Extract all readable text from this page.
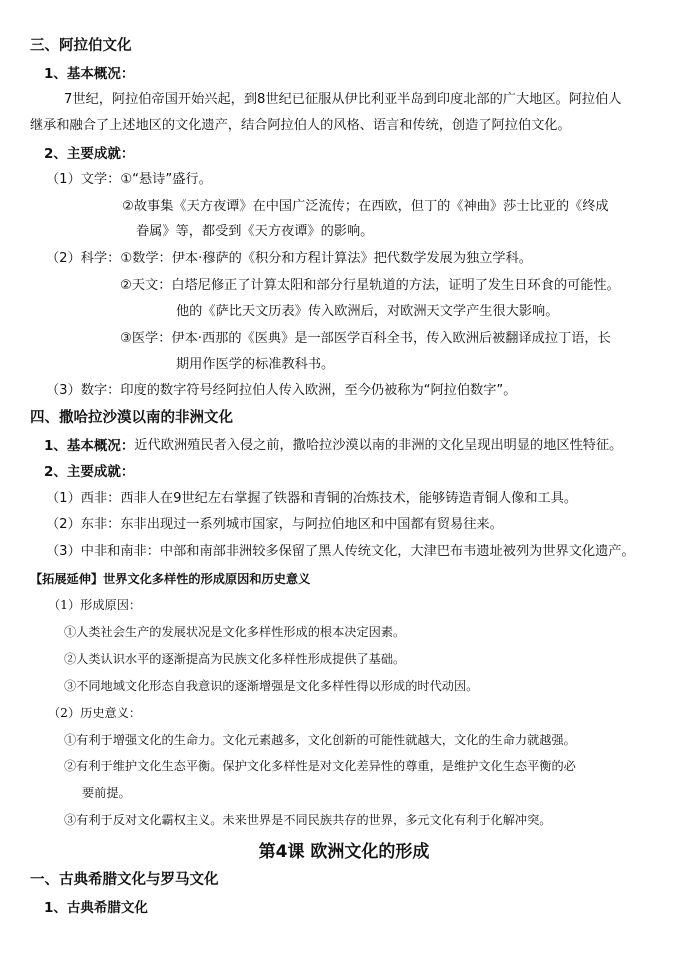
三、阿拉伯文化
1、基本概况：
7世纪，阿拉伯帝国开始兴起，到8世纪已征服从伊比利亚半岛到印度北部的广大地区。阿拉伯人
继承和融合了上述地区的文化遗产，结合阿拉伯人的风格、语言和传统，创造了阿拉伯文化。
2、主要成就：
（1）文学：①“悬诗”盛行。
②故事集《天方夜谭》在中国广泛流传；在西欧，但丁的《神曲》莎士比亚的《终成
眷属》等，都受到《天方夜谭》的影响。
（2）科学：①数学：伊本·穆萨的《积分和方程计算法》把代数学发展为独立学科。
②天文：白塔尼修正了计算太阳和部分行星轨道的方法，证明了发生日环食的可能性。
他的《萨比天文历表》传入欧洲后，对欧洲天文学产生很大影响。
③医学：伊本·西那的《医典》是一部医学百科全书，传入欧洲后被翻译成拉丁语，长
期用作医学的标准教科书。
（3）数字：印度的数字符号经阿拉伯人传入欧洲，至今仍被称为“阿拉伯数字”。
四、撒哈拉沙漠以南的非洲文化
1、基本概况： 近代欧洲殖民者入侵之前，撒哈拉沙漠以南的非洲的文化呈现出明显的地区性特征。
2、主要成就：
（1）西非：西非人在9世纪左右掌握了铁器和青铜的冶炼技术，能够铸造青铜人像和工具。
（2）东非：东非出现过一系列城市国家，与阿拉伯地区和中国都有贸易往来。
（3）中非和南非：中部和南部非洲较多保留了黑人传统文化，大津巴布韦遗址被列为世界文化遗产。
【拓展延伸】世界文化多样性的形成原因和历史意义
（1）形成原因：
①人类社会生产的发展状况是文化多样性形成的根本决定因素。
②人类认识水平的逐渐提高为民族文化多样性形成提供了基础。
③不同地域文化形态自我意识的逐渐增强是文化多样性得以形成的时代动因。
（2）历史意义：
①有利于增强文化的生命力。文化元素越多，文化创新的可能性就越大，文化的生命力就越强。
②有利于维护文化生态平衡。保护文化多样性是对文化差异性的尊重，是维护文化生态平衡的必
要前提。
③有利于反对文化霸权主义。未来世界是不同民族共存的世界，多元文化有利于化解冲突。
第4课 欧洲文化的形成
一、古典希腊文化与罗马文化
1、古典希腊文化
